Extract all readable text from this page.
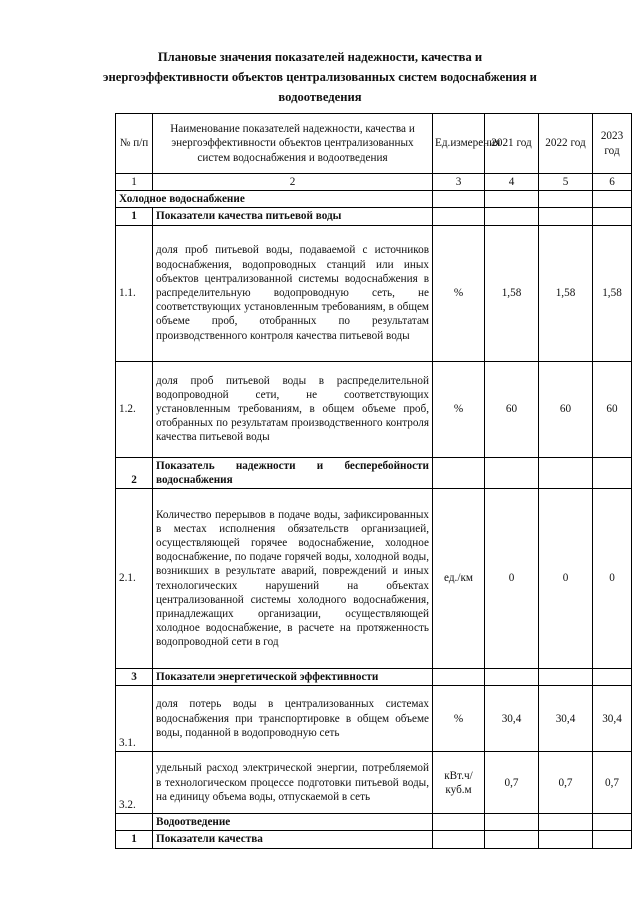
Плановые значения показателей надежности, качества и энергоэффективности объектов централизованных систем водоснабжения и водоотведения
№ п/п	Наименование показателей надежности, качества и энергоэффективности объектов централизованных систем водоснабжения и водоотведения	Ед.измерения	2021 год	2022 год	2023 год
1	2	3	4	5	6
Холодное водоснабжение					
1	Показатели качества питьевой воды				
1.1.	доля проб питьевой воды, подаваемой с источников водоснабжения, водопроводных станций или иных объектов централизованной системы водоснабжения в распределительную водопроводную сеть, не соответствующих установленным требованиям, в общем объеме проб, отобранных по результатам производственного контроля качества питьевой воды	%	1,58	1,58	1,58
1.2.	доля проб питьевой воды в распределительной водопроводной сети, не соответствующих установленным требованиям, в общем объеме проб, отобранных по результатам производственного контроля качества питьевой воды	%	60	60	60
2	Показатель надежности и бесперебойности водоснабжения				
2.1.	Количество перерывов в подаче воды, зафиксированных в местах исполнения обязательств организацией, осуществляющей горячее водоснабжение, холодное водоснабжение, по подаче горячей воды, холодной воды, возникших в результате аварий, повреждений и иных технологических нарушений на объектах централизованной системы холодного водоснабжения, принадлежащих организации, осуществляющей холодное водоснабжение, в расчете на протяженность водопроводной сети в год	ед./км	0	0	0
3	Показатели энергетической эффективности				
3.1.	доля потерь воды в централизованных системах водоснабжения при транспортировке в общем объеме воды, поданной в водопроводную сеть	%	30,4	30,4	30,4
3.2.	удельный расход электрической энергии, потребляемой в технологическом процессе подготовки питьевой воды, на единицу объема воды, отпускаемой в сеть	кВт.ч/куб.м	0,7	0,7	0,7
	Водоотведение				
1	Показатели качества				
